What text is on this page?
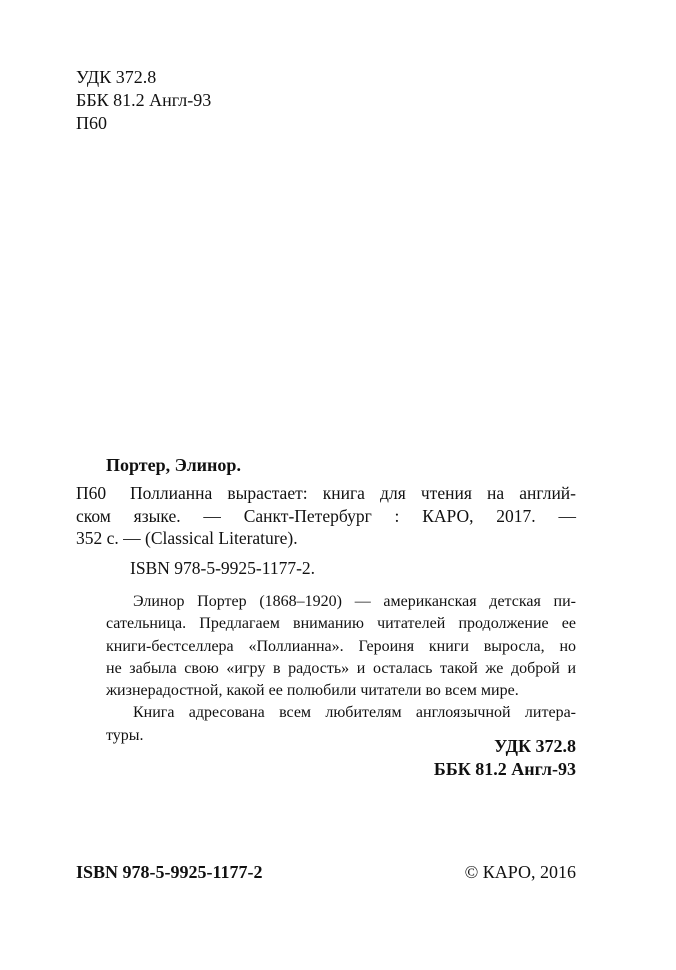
УДК 372.8
ББК 81.2 Англ-93
П60
Портер, Элинор.
П60 Поллианна вырастает: книга для чтения на англий-
ском языке. — Санкт-Петербург : КАРО, 2017. —
352 с. — (Classical Literature).
ISBN 978-5-9925-1177-2.
Элинор Портер (1868–1920) — американская детская пи-
сательница. Предлагаем вниманию читателей продолжение ее
книги-бестселлера «Поллианна». Героиня книги выросла, но
не забыла свою «игру в радость» и осталась такой же доброй и
жизнерадостной, какой ее полюбили читатели во всем мире.
Книга адресована всем любителям англоязычной литера-
туры.
УДК 372.8
ББК 81.2 Англ-93
ISBN 978-5-9925-1177-2	© КАРО, 2016
